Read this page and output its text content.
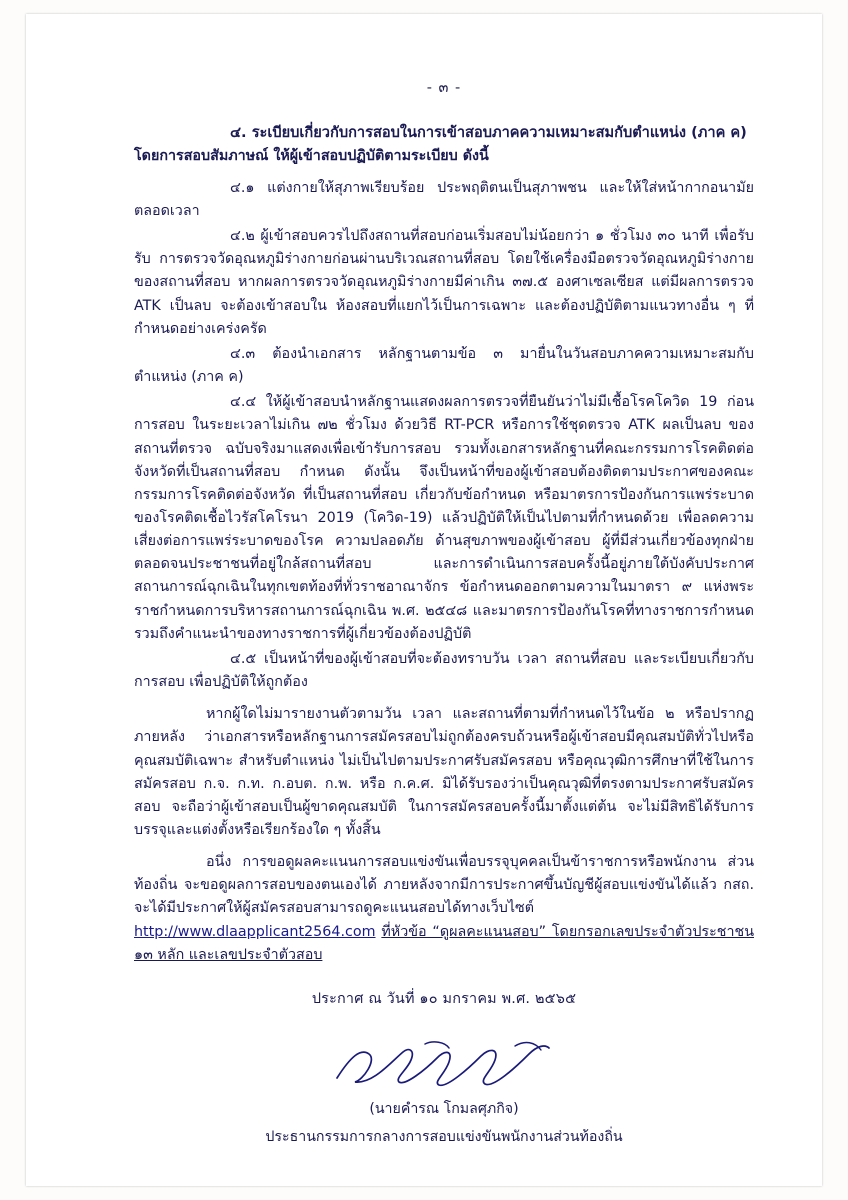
- ๓ -
๔. ระเบียบเกี่ยวกับการสอบในการเข้าสอบภาคความเหมาะสมกับตำแหน่ง (ภาค ค)
โดยการสอบสัมภาษณ์ ให้ผู้เข้าสอบปฏิบัติตามระเบียบ ดังนี้
๔.๑ แต่งกายให้สุภาพเรียบร้อย ประพฤติตนเป็นสุภาพชน และให้ใส่หน้ากากอนามัยตลอดเวลา
๔.๒ ผู้เข้าสอบควรไปถึงสถานที่สอบก่อนเริ่มสอบไม่น้อยกว่า ๑ ชั่วโมง ๓๐ นาที เพื่อรับรับ การตรวจวัดอุณหภูมิร่างกายก่อนผ่านบริเวณสถานที่สอบ โดยใช้เครื่องมือตรวจวัดอุณหภูมิร่างกายของสถานที่สอบ หากผลการตรวจวัดอุณหภูมิร่างกายมีค่าเกิน ๓๗.๕ องศาเซลเซียส แต่มีผลการตรวจ ATK เป็นลบ จะต้องเข้าสอบใน ห้องสอบที่แยกไว้เป็นการเฉพาะ และต้องปฏิบัติตามแนวทางอื่น ๆ ที่กำหนดอย่างเคร่งครัด
๔.๓ ต้องนำเอกสาร หลักฐานตามข้อ ๓ มายื่นในวันสอบภาคความเหมาะสมกับตำแหน่ง (ภาค ค)
๔.๔ ให้ผู้เข้าสอบนำหลักฐานแสดงผลการตรวจที่ยืนยันว่าไม่มีเชื้อโรคโควิด 19 ก่อนการสอบ ในระยะเวลาไม่เกิน ๗๒ ชั่วโมง ด้วยวิธี RT-PCR หรือการใช้ชุดตรวจ ATK ผลเป็นลบ ของสถานที่ตรวจ ฉบับจริงมาแสดงเพื่อเข้ารับการสอบ รวมทั้งเอกสารหลักฐานที่คณะกรรมการโรคติดต่อจังหวัดที่เป็นสถานที่สอบ กำหนด ดังนั้น จึงเป็นหน้าที่ของผู้เข้าสอบต้องติดตามประกาศของคณะกรรมการโรคติดต่อจังหวัด ที่เป็นสถานที่สอบ เกี่ยวกับข้อกำหนด หรือมาตรการป้องกันการแพร่ระบาดของโรคติดเชื้อไวรัสโคโรนา 2019 (โควิด-19) แล้วปฏิบัติให้เป็นไปตามที่กำหนดด้วย เพื่อลดความเสี่ยงต่อการแพร่ระบาดของโรค ความปลอดภัย ด้านสุขภาพของผู้เข้าสอบ ผู้ที่มีส่วนเกี่ยวข้องทุกฝ่าย ตลอดจนประชาชนที่อยู่ใกล้สถานที่สอบ และการดำเนินการสอบครั้งนี้อยู่ภายใต้บังคับประกาศสถานการณ์ฉุกเฉินในทุกเขตท้องที่ทั่วราชอาณาจักร ข้อกำหนดออกตามความในมาตรา ๙ แห่งพระราชกำหนดการบริหารสถานการณ์ฉุกเฉิน พ.ศ. ๒๕๔๘ และมาตรการป้องกันโรคที่ทางราชการกำหนด รวมถึงคำแนะนำของทางราชการที่ผู้เกี่ยวข้องต้องปฏิบัติ
๔.๕ เป็นหน้าที่ของผู้เข้าสอบที่จะต้องทราบวัน เวลา สถานที่สอบ และระเบียบเกี่ยวกับการสอบ เพื่อปฏิบัติให้ถูกต้อง
หากผู้ใดไม่มารายงานตัวตามวัน เวลา และสถานที่ตามที่กำหนดไว้ในข้อ ๒ หรือปรากฏภายหลัง ว่าเอกสารหรือหลักฐานการสมัครสอบไม่ถูกต้องครบถ้วนหรือผู้เข้าสอบมีคุณสมบัติทั่วไปหรือคุณสมบัติเฉพาะ สำหรับตำแหน่ง ไม่เป็นไปตามประกาศรับสมัครสอบ หรือคุณวุฒิการศึกษาที่ใช้ในการสมัครสอบ ก.จ. ก.ท. ก.อบต. ก.พ. หรือ ก.ค.ศ. มิได้รับรองว่าเป็นคุณวุฒิที่ตรงตามประกาศรับสมัครสอบ จะถือว่าผู้เข้าสอบเป็นผู้ขาดคุณสมบัติ ในการสมัครสอบครั้งนี้มาตั้งแต่ต้น จะไม่มีสิทธิได้รับการบรรจุและแต่งตั้งหรือเรียกร้องใด ๆ ทั้งสิ้น
อนึ่ง การขอดูผลคะแนนการสอบแข่งขันเพื่อบรรจุบุคคลเป็นข้าราชการหรือพนักงาน ส่วนท้องถิ่น จะขอดูผลการสอบของตนเองได้ ภายหลังจากมีการประกาศขึ้นบัญชีผู้สอบแข่งขันได้แล้ว กสถ. จะได้มีประกาศให้ผู้สมัครสอบสามารถดูคะแนนสอบได้ทางเว็บไซต์ http://www.dlaapplicant2564.com ที่หัวข้อ “ดูผลคะแนนสอบ” โดยกรอกเลขประจำตัวประชาชน ๑๓ หลัก และเลขประจำตัวสอบ
ประกาศ ณ วันที่ ๑๐ มกราคม พ.ศ. ๒๕๖๕
(นายคำรณ โกมลศุภกิจ)
ประธานกรรมการกลางการสอบแข่งขันพนักงานส่วนท้องถิ่น
